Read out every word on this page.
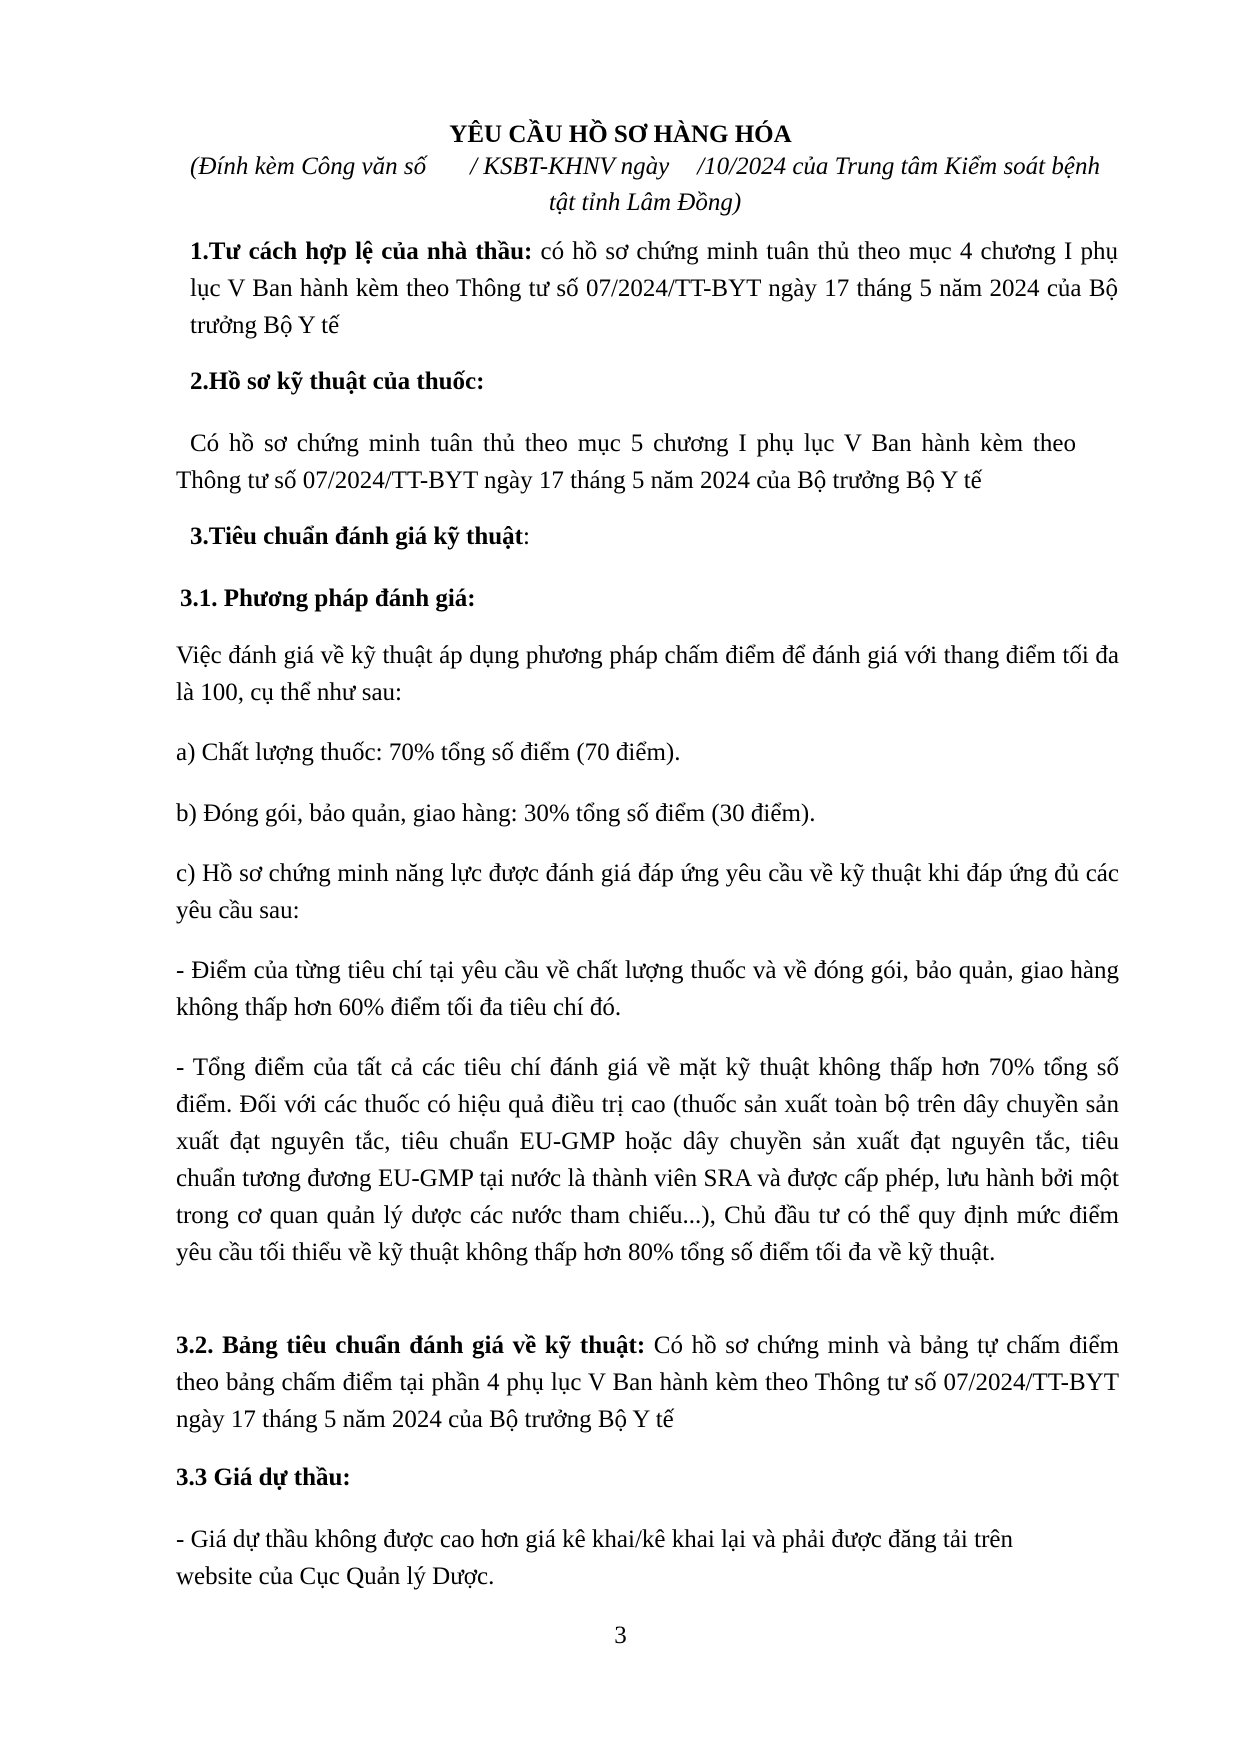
YÊU CẦU HỒ SƠ HÀNG HÓA
(Đính kèm Công văn số / KSBT-KHNV ngày /10/2024 của Trung tâm Kiểm soát bệnh tật tỉnh Lâm Đồng)
1.Tư cách hợp lệ của nhà thầu: có hồ sơ chứng minh tuân thủ theo mục 4 chương I phụ lục V Ban hành kèm theo Thông tư số 07/2024/TT-BYT ngày 17 tháng 5 năm 2024 của Bộ trưởng Bộ Y tế
2.Hồ sơ kỹ thuật của thuốc:
Có hồ sơ chứng minh tuân thủ theo mục 5 chương I phụ lục V Ban hành kèm theo Thông tư số 07/2024/TT-BYT ngày 17 tháng 5 năm 2024 của Bộ trưởng Bộ Y tế
3.Tiêu chuẩn đánh giá kỹ thuật:
3.1. Phương pháp đánh giá:
Việc đánh giá về kỹ thuật áp dụng phương pháp chấm điểm để đánh giá với thang điểm tối đa là 100, cụ thể như sau:
a) Chất lượng thuốc: 70% tổng số điểm (70 điểm).
b) Đóng gói, bảo quản, giao hàng: 30% tổng số điểm (30 điểm).
c) Hồ sơ chứng minh năng lực được đánh giá đáp ứng yêu cầu về kỹ thuật khi đáp ứng đủ các yêu cầu sau:
- Điểm của từng tiêu chí tại yêu cầu về chất lượng thuốc và về đóng gói, bảo quản, giao hàng không thấp hơn 60% điểm tối đa tiêu chí đó.
- Tổng điểm của tất cả các tiêu chí đánh giá về mặt kỹ thuật không thấp hơn 70% tổng số điểm. Đối với các thuốc có hiệu quả điều trị cao (thuốc sản xuất toàn bộ trên dây chuyền sản xuất đạt nguyên tắc, tiêu chuẩn EU-GMP hoặc dây chuyền sản xuất đạt nguyên tắc, tiêu chuẩn tương đương EU-GMP tại nước là thành viên SRA và được cấp phép, lưu hành bởi một trong cơ quan quản lý dược các nước tham chiếu...), Chủ đầu tư có thể quy định mức điểm yêu cầu tối thiểu về kỹ thuật không thấp hơn 80% tổng số điểm tối đa về kỹ thuật.
3.2. Bảng tiêu chuẩn đánh giá về kỹ thuật: Có hồ sơ chứng minh và bảng tự chấm điểm theo bảng chấm điểm tại phần 4 phụ lục V Ban hành kèm theo Thông tư số 07/2024/TT-BYT ngày 17 tháng 5 năm 2024 của Bộ trưởng Bộ Y tế
3.3 Giá dự thầu:
- Giá dự thầu không được cao hơn giá kê khai/kê khai lại và phải được đăng tải trên website của Cục Quản lý Dược.
3
